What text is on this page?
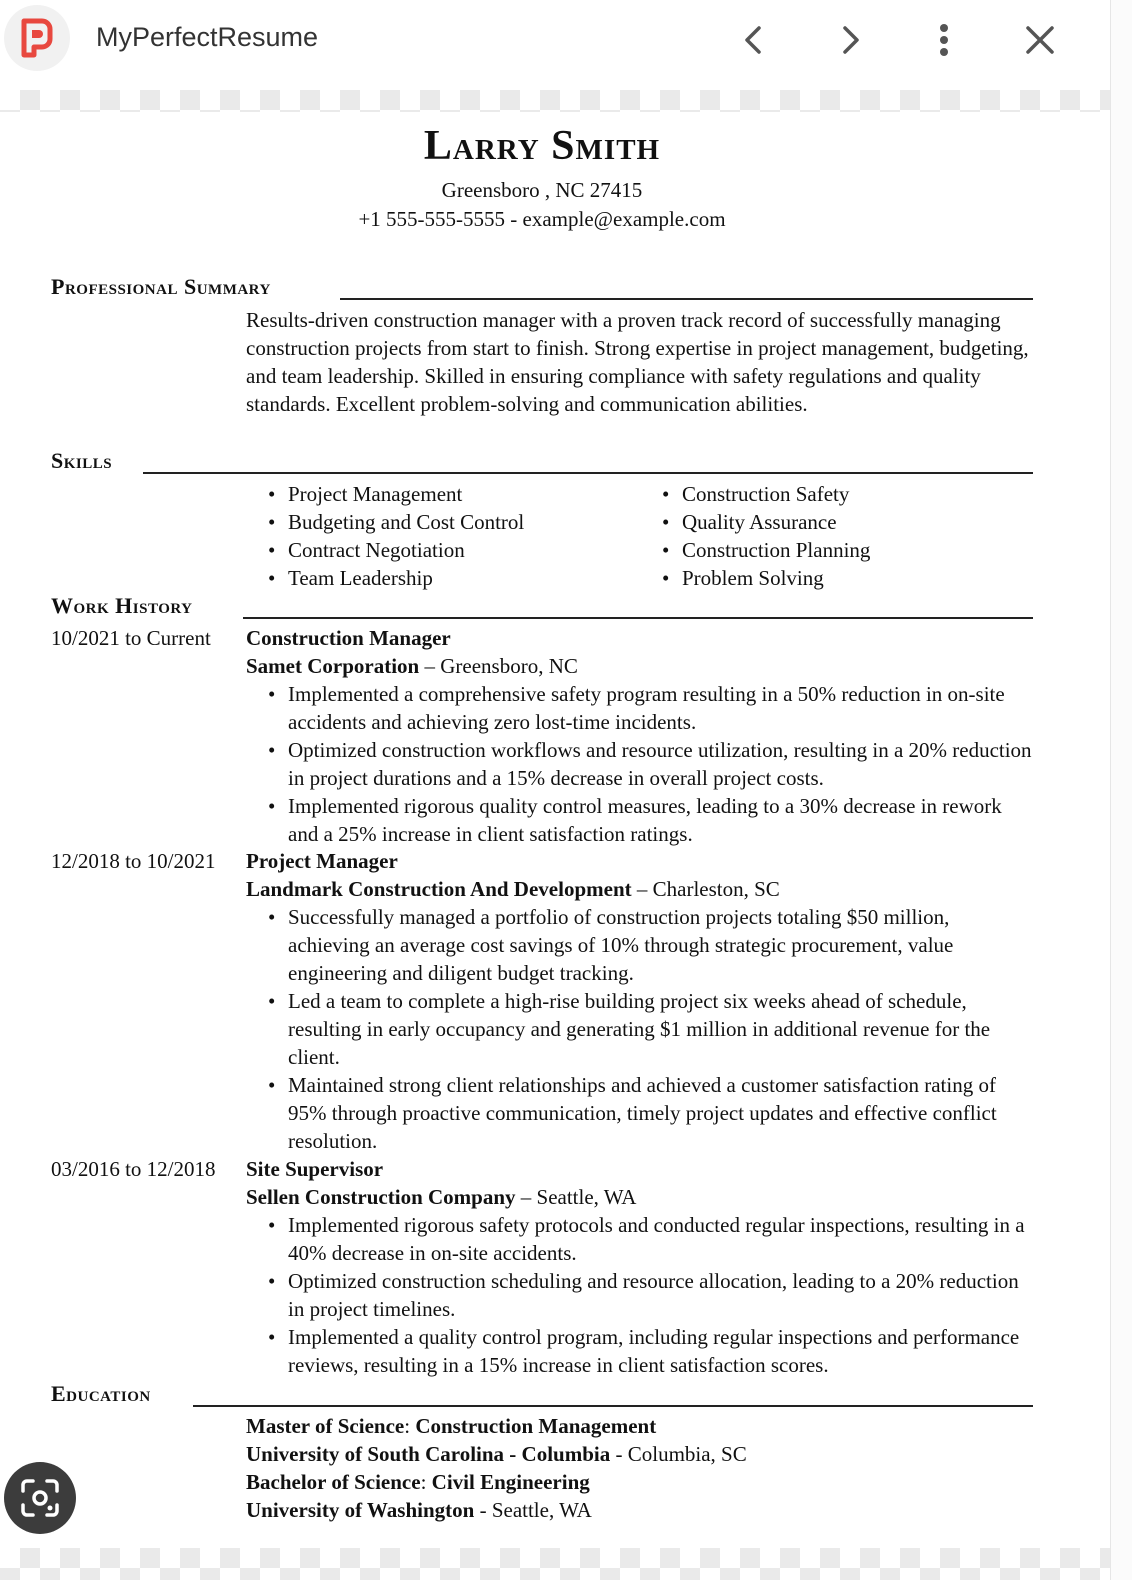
MyPerfectResume
Larry Smith
Greensboro , NC 27415
+1 555-555-5555 - example@example.com
Professional Summary
Results-driven construction manager with a proven track record of successfully managing construction projects from start to finish. Strong expertise in project management, budgeting, and team leadership. Skilled in ensuring compliance with safety regulations and quality standards. Excellent problem-solving and communication abilities.
Skills
• Project Management
• Budgeting and Cost Control
• Contract Negotiation
• Team Leadership
• Construction Safety
• Quality Assurance
• Construction Planning
• Problem Solving
Work History
10/2021 to Current Construction Manager
Samet Corporation – Greensboro, NC
• Implemented a comprehensive safety program resulting in a 50% reduction in on-site accidents and achieving zero lost-time incidents.
• Optimized construction workflows and resource utilization, resulting in a 20% reduction in project durations and a 15% decrease in overall project costs.
• Implemented rigorous quality control measures, leading to a 30% decrease in rework and a 25% increase in client satisfaction ratings.
12/2018 to 10/2021 Project Manager
Landmark Construction And Development – Charleston, SC
• Successfully managed a portfolio of construction projects totaling $50 million, achieving an average cost savings of 10% through strategic procurement, value engineering and diligent budget tracking.
• Led a team to complete a high-rise building project six weeks ahead of schedule, resulting in early occupancy and generating $1 million in additional revenue for the client.
• Maintained strong client relationships and achieved a customer satisfaction rating of 95% through proactive communication, timely project updates and effective conflict resolution.
03/2016 to 12/2018 Site Supervisor
Sellen Construction Company – Seattle, WA
• Implemented rigorous safety protocols and conducted regular inspections, resulting in a 40% decrease in on-site accidents.
• Optimized construction scheduling and resource allocation, leading to a 20% reduction in project timelines.
• Implemented a quality control program, including regular inspections and performance reviews, resulting in a 15% increase in client satisfaction scores.
Education
Master of Science: Construction Management
University of South Carolina - Columbia - Columbia, SC
Bachelor of Science: Civil Engineering
University of Washington - Seattle, WA
